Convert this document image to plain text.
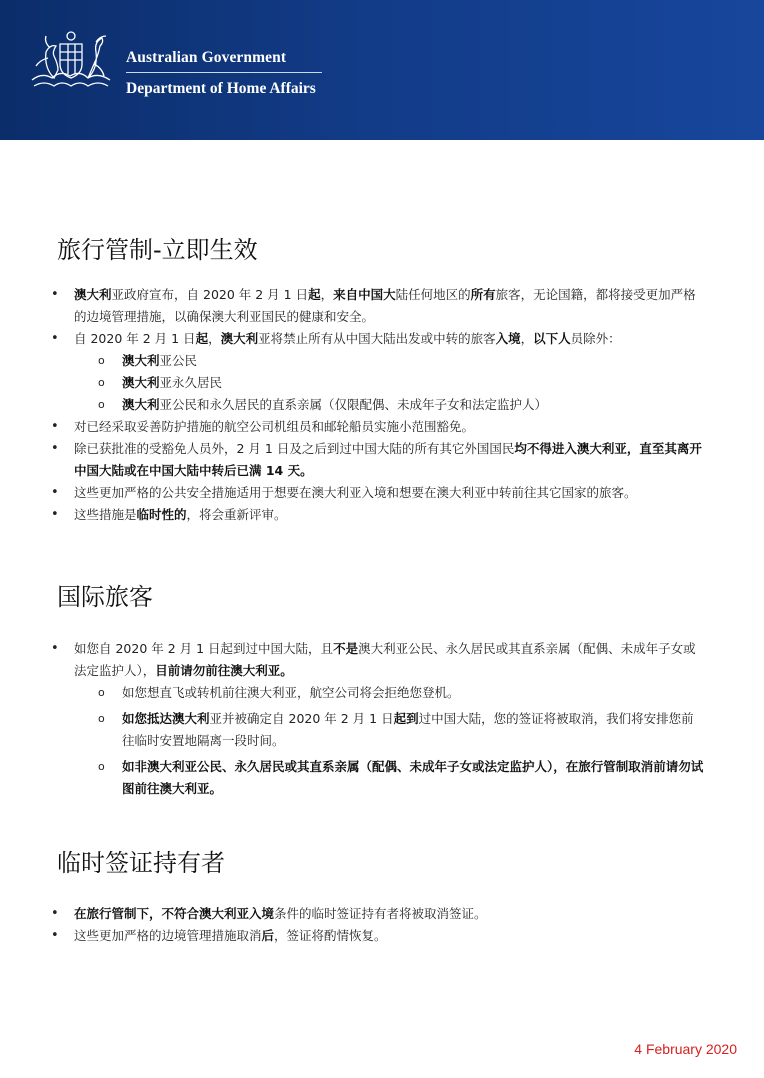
Australian Government
Department of Home Affairs
旅行管制-立即生效
• 澳大利亚政府宣布，自 2020 年 2 月 1 日起，来自中国大陆任何地区的所有旅客，无论国籍，都将接受更加严格的边境管理措施，以确保澳大利亚国民的健康和安全。
• 自 2020 年 2 月 1 日起，澳大利亚将禁止所有从中国大陆出发或中转的旅客入境，以下人员除外：
o 澳大利亚公民
o 澳大利亚永久居民
o 澳大利亚公民和永久居民的直系亲属（仅限配偶、未成年子女和法定监护人）
• 对已经采取妥善防护措施的航空公司机组员和邮轮船员实施小范围豁免。
• 除已获批准的受豁免人员外，2 月 1 日及之后到过中国大陆的所有其它外国国民均不得进入澳大利亚，直至其离开中国大陆或在中国大陆中转后已满 14 天。
• 这些更加严格的公共安全措施适用于想要在澳大利亚入境和想要在澳大利亚中转前往其它国家的旅客。
• 这些措施是临时性的，将会重新评审。
国际旅客
• 如您自 2020 年 2 月 1 日起到过中国大陆，且不是澳大利亚公民、永久居民或其直系亲属（配偶、未成年子女或法定监护人），目前请勿前往澳大利亚。
o 如您想直飞或转机前往澳大利亚，航空公司将会拒绝您登机。
o 如您抵达澳大利亚并被确定自 2020 年 2 月 1 日起到过中国大陆，您的签证将被取消，我们将安排您前往临时安置地隔离一段时间。
o 如非澳大利亚公民、永久居民或其直系亲属（配偶、未成年子女或法定监护人），在旅行管制取消前请勿试图前往澳大利亚。
临时签证持有者
• 在旅行管制下，不符合澳大利亚入境条件的临时签证持有者将被取消签证。
• 这些更加严格的边境管理措施取消后，签证将酌情恢复。
4 February 2020
